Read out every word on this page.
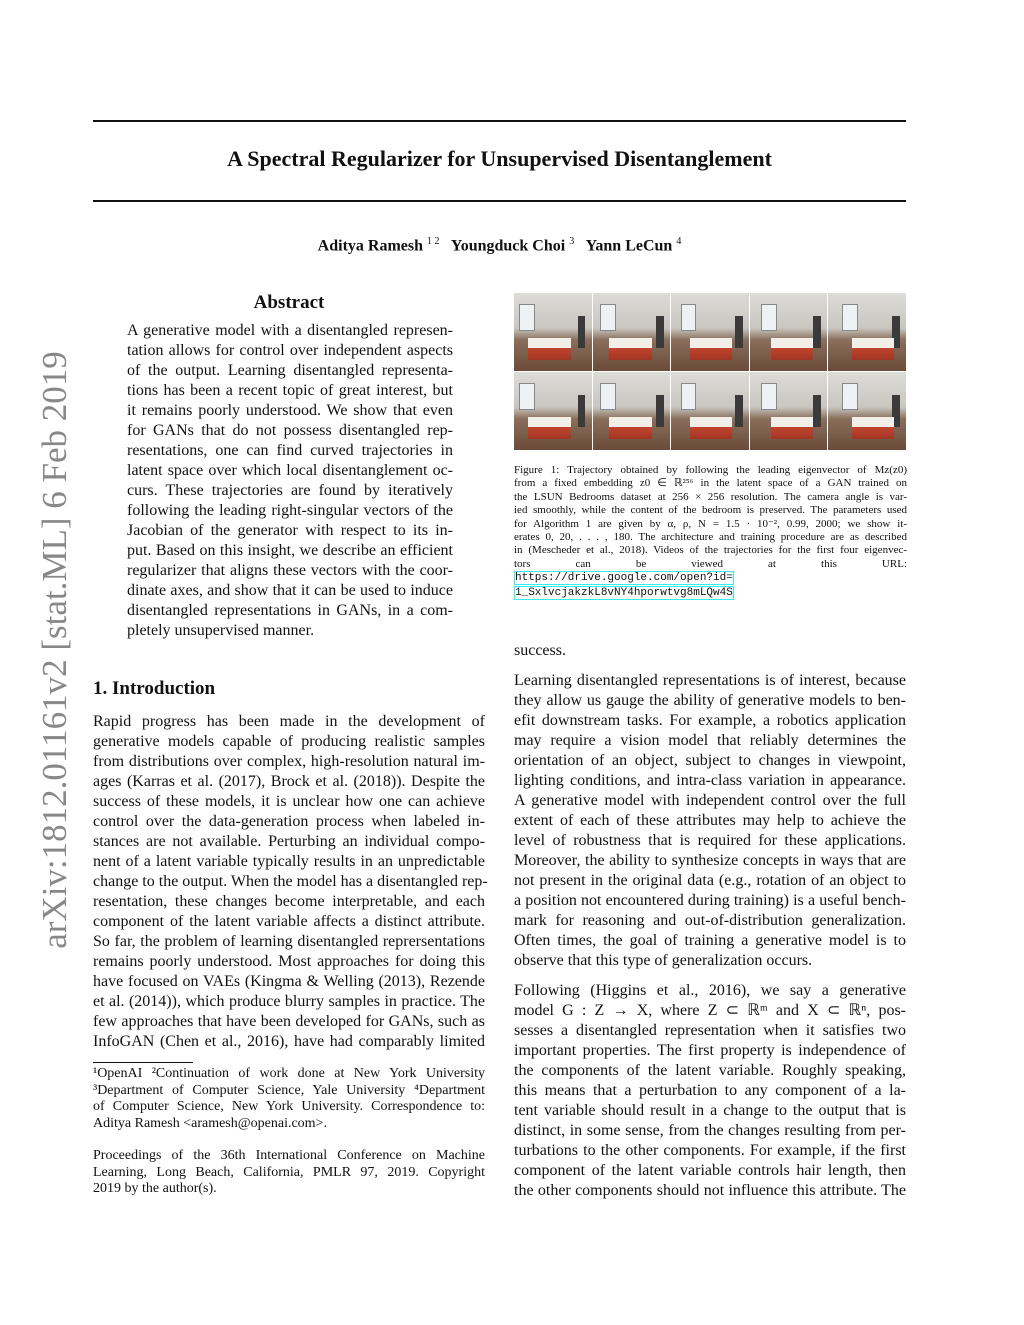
arXiv:1812.01161v2 [stat.ML] 6 Feb 2019
A Spectral Regularizer for Unsupervised Disentanglement
Aditya Ramesh $^{1 2}$ Youngduck Choi $^3$ Yann LeCun $^4$
Abstract
A generative model with a disentangled represen-
tation allows for control over independent aspects
of the output. Learning disentangled representa-
tions has been a recent topic of great interest, but
it remains poorly understood. We show that even
for GANs that do not possess disentangled rep-
resentations, one can find curved trajectories in
latent space over which local disentanglement oc-
curs. These trajectories are found by iteratively
following the leading right-singular vectors of the
Jacobian of the generator with respect to its in-
put. Based on this insight, we describe an efficient
regularizer that aligns these vectors with the coor-
dinate axes, and show that it can be used to induce
disentangled representations in GANs, in a com-
pletely unsupervised manner.
1. Introduction
Rapid progress has been made in the development of
generative models capable of producing realistic samples
from distributions over complex, high-resolution natural im-
ages (Karras et al. (2017), Brock et al. (2018)). Despite the
success of these models, it is unclear how one can achieve
control over the data-generation process when labeled in-
stances are not available. Perturbing an individual compo-
nent of a latent variable typically results in an unpredictable
change to the output. When the model has a disentangled rep-
resentation, these changes become interpretable, and each
component of the latent variable affects a distinct attribute.
So far, the problem of learning disentangled reprersentations
remains poorly understood. Most approaches for doing this
have focused on VAEs (Kingma & Welling (2013), Rezende
et al. (2014)), which produce blurry samples in practice. The
few approaches that have been developed for GANs, such as
InfoGAN (Chen et al., 2016), have had comparably limited
¹OpenAI ²Continuation of work done at New York University
³Department of Computer Science, Yale University ⁴Department
of Computer Science, New York University. Correspondence to:
Aditya Ramesh <aramesh@openai.com>.
Proceedings of the 36th International Conference on Machine
Learning, Long Beach, California, PMLR 97, 2019. Copyright
2019 by the author(s).
Figure 1: Trajectory obtained by following the leading eigenvector of Mz(z0)
from a fixed embedding z0 ∈ ℝ²⁵⁶ in the latent space of a GAN trained on
the LSUN Bedrooms dataset at 256 × 256 resolution. The camera angle is var-
ied smoothly, while the content of the bedroom is preserved. The parameters used
for Algorithm 1 are given by α, ρ, N = 1.5 · 10⁻², 0.99, 2000; we show it-
erates 0, 20, . . . , 180. The architecture and training procedure are as described
in (Mescheder et al., 2018). Videos of the trajectories for the first four eigenvec-
tors can be viewed at this URL:
https://drive.google.com/open?id=
1_SxlvcjakzkL8vNY4hporwtvg8mLQw4S
success.
Learning disentangled representations is of interest, because
they allow us gauge the ability of generative models to ben-
efit downstream tasks. For example, a robotics application
may require a vision model that reliably determines the
orientation of an object, subject to changes in viewpoint,
lighting conditions, and intra-class variation in appearance.
A generative model with independent control over the full
extent of each of these attributes may help to achieve the
level of robustness that is required for these applications.
Moreover, the ability to synthesize concepts in ways that are
not present in the original data (e.g., rotation of an object to
a position not encountered during training) is a useful bench-
mark for reasoning and out-of-distribution generalization.
Often times, the goal of training a generative model is to
observe that this type of generalization occurs.
Following (Higgins et al., 2016), we say a generative
model G : Z → X, where Z ⊂ ℝᵐ and X ⊂ ℝⁿ, pos-
sesses a disentangled representation when it satisfies two
important properties. The first property is independence of
the components of the latent variable. Roughly speaking,
this means that a perturbation to any component of a la-
tent variable should result in a change to the output that is
distinct, in some sense, from the changes resulting from per-
turbations to the other components. For example, if the first
component of the latent variable controls hair length, then
the other components should not influence this attribute. The
